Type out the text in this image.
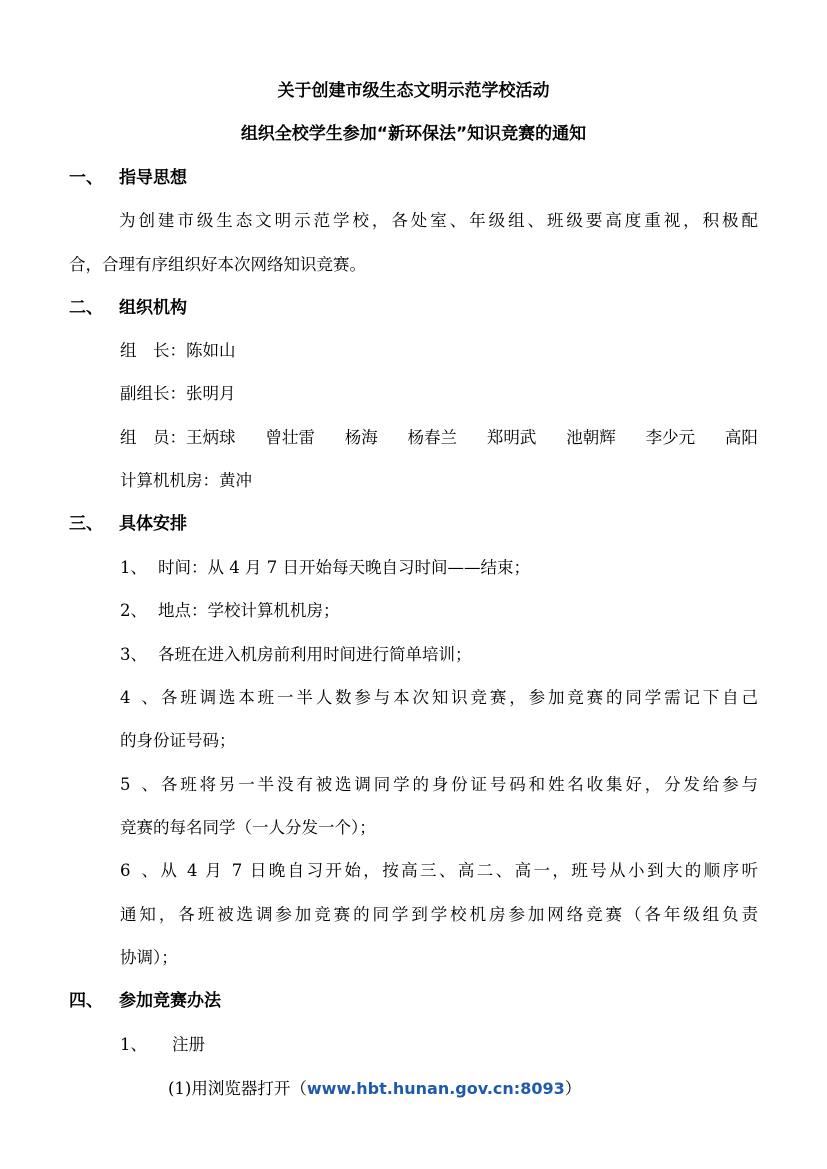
关于创建市级生态文明示范学校活动
组织全校学生参加“新环保法”知识竞赛的通知
一、 指导思想
为创建市级生态文明示范学校，各处室、年级组、班级要高度重视，积极配
合，合理有序组织好本次网络知识竞赛。
二、 组织机构
组　长：陈如山
副组长：张明月
组　员：王炳球 曾壮雷 杨海 杨春兰 郑明武 池朝辉 李少元 高阳
计算机机房：黄冲
三、 具体安排
1、 时间：从 4 月 7 日开始每天晚自习时间——结束；
2、 地点：学校计算机机房；
3、 各班在进入机房前利用时间进行简单培训；
4、各班调选本班一半人数参与本次知识竞赛，参加竞赛的同学需记下自己
的身份证号码；
5、各班将另一半没有被选调同学的身份证号码和姓名收集好，分发给参与
竞赛的每名同学（一人分发一个）；
6、从 4 月 7 日晚自习开始，按高三、高二、高一，班号从小到大的顺序听
通知，各班被选调参加竞赛的同学到学校机房参加网络竞赛（各年级组负责
协调）；
四、 参加竞赛办法
1、 注册
(1)用浏览器打开（www.hbt.hunan.gov.cn:8093）
